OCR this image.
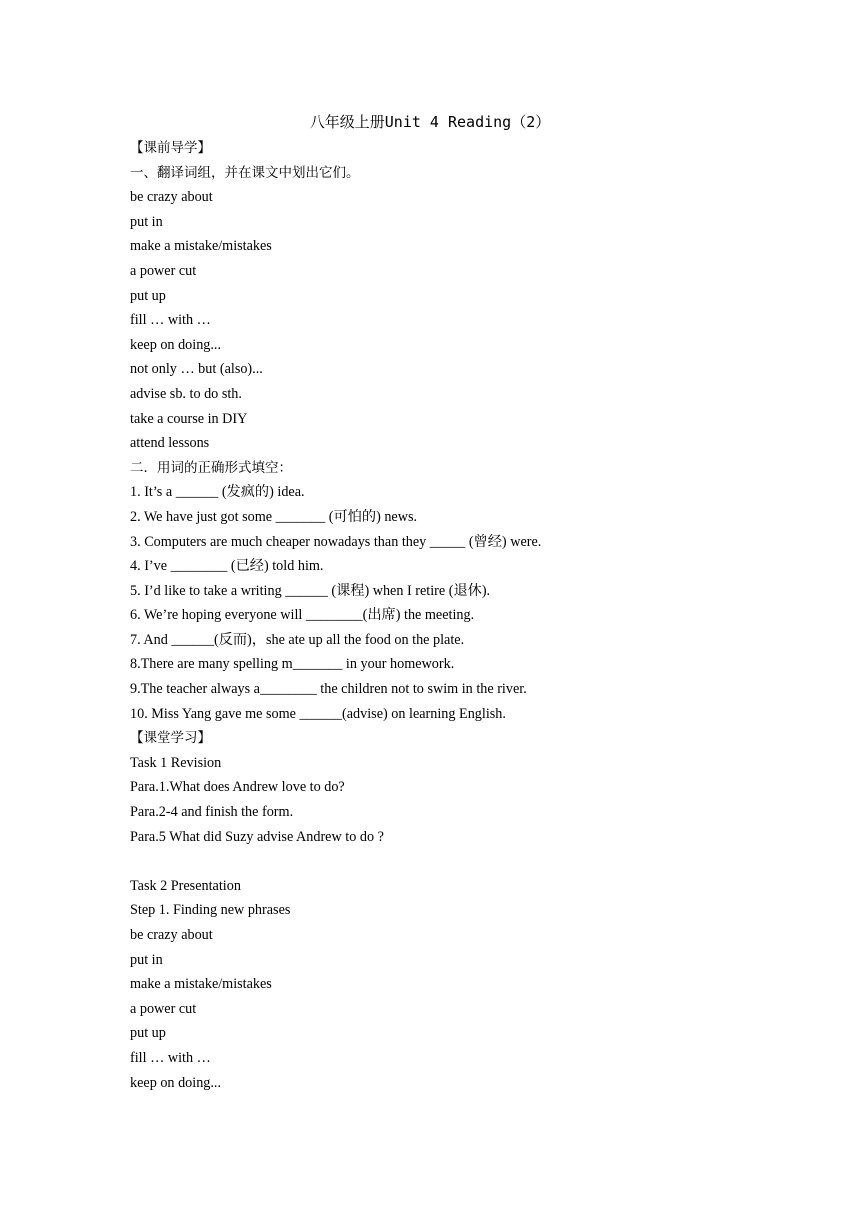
八年级上册Unit 4 Reading（2）
【课前导学】
一、翻译词组，并在课文中划出它们。
be crazy about
put in
make a mistake/mistakes
a power cut
put up
fill … with …
keep on doing...
not only … but (also)...
advise sb. to do sth.
take a course in DIY
attend lessons
二．用词的正确形式填空：
1. It’s a ______ (发疯的) idea.
2. We have just got some _______ (可怕的) news.
3. Computers are much cheaper nowadays than they _____ (曾经) were.
4. I’ve ________ (已经) told him.
5. I’d like to take a writing ______ (课程) when I retire (退休).
6. We’re hoping everyone will ________(出席) the meeting.
7. And ______(反而)，she ate up all the food on the plate.
8.There are many spelling m_______ in your homework.
9.The teacher always a________ the children not to swim in the river.
10. Miss Yang gave me some ______(advise) on learning English.
【课堂学习】
Task 1 Revision
Para.1.What does Andrew love to do?
Para.2-4 and finish the form.
Para.5 What did Suzy advise Andrew to do ?
Task 2 Presentation
Step 1. Finding new phrases
be crazy about
put in
make a mistake/mistakes
a power cut
put up
fill … with …
keep on doing...
